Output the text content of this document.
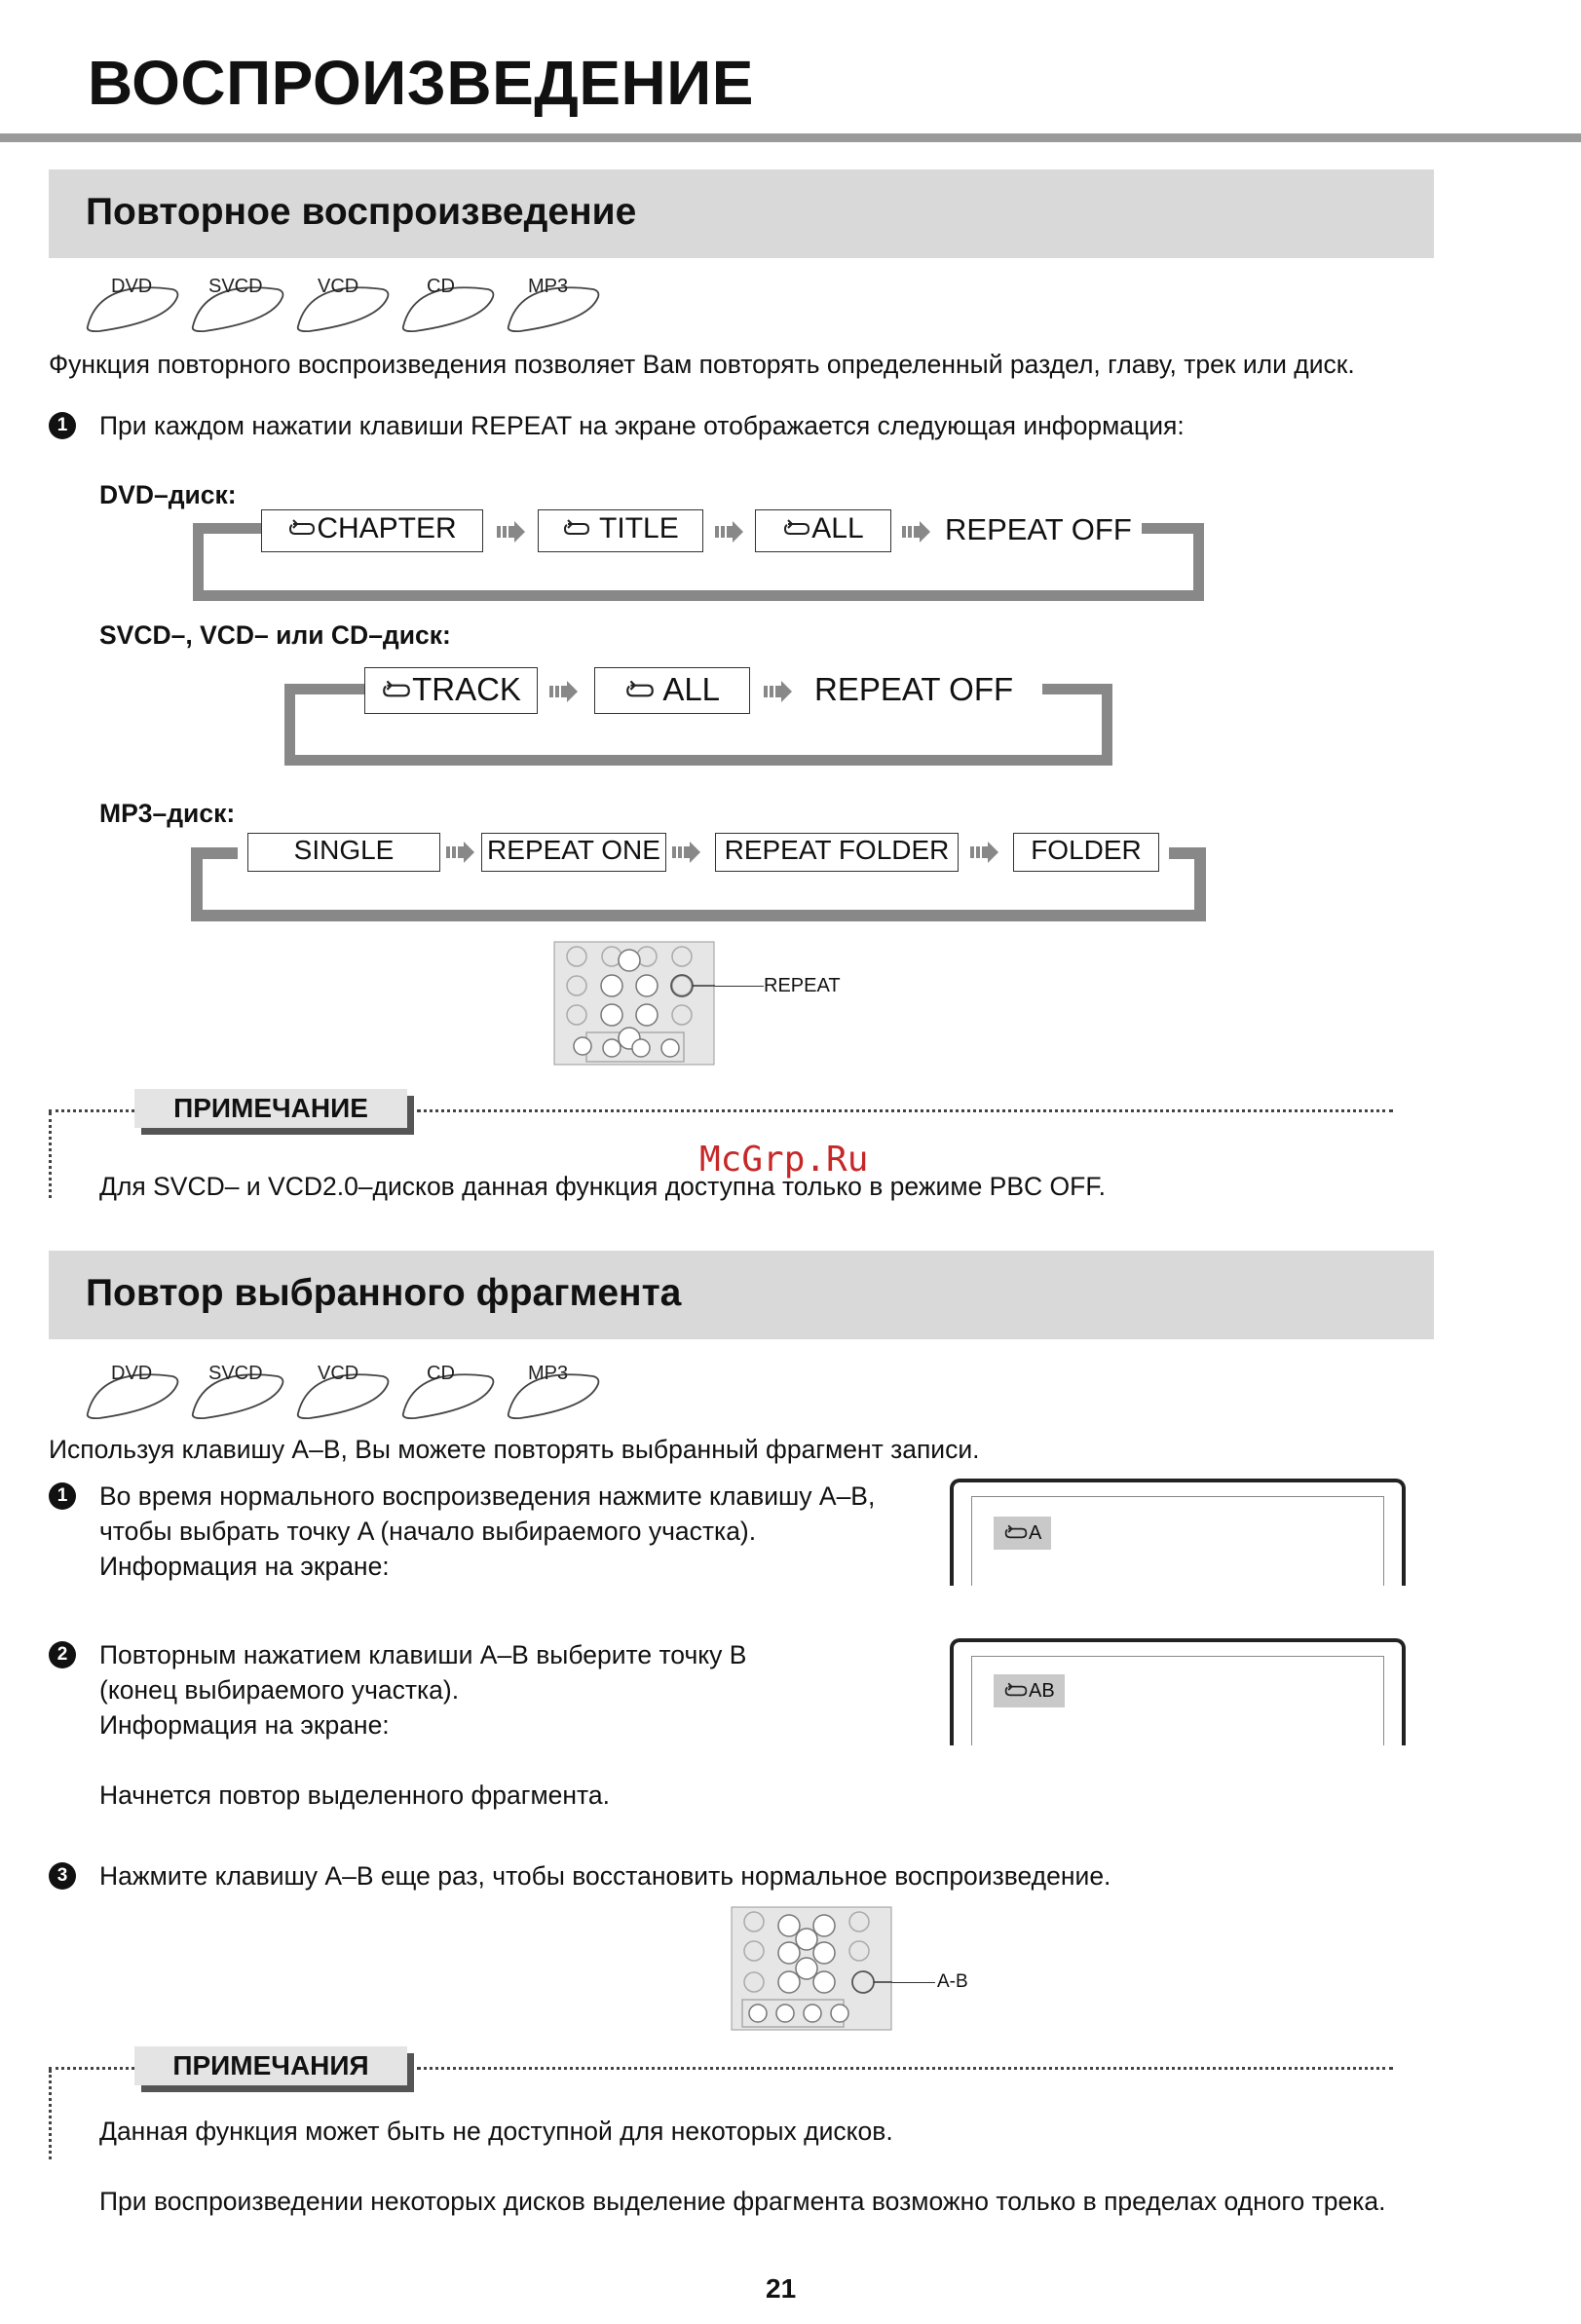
ВОСПРОИЗВЕДЕНИЕ
Повторное воспроизведение
DVD	SVCD	VCD	CD	MP3
Функция повторного воспроизведения позволяет Вам повторять определенный раздел, главу, трек или диск.
1	При каждом нажатии клавиши REPEAT на экране отображается следующая информация:
DVD–диск:
CHAPTER	TITLE	ALL	REPEAT OFF
SVCD–, VCD– или CD–диск:
TRACK	ALL	REPEAT OFF
MP3–диск:
SINGLE	REPEAT ONE	REPEAT FOLDER	FOLDER
REPEAT
ПРИМЕЧАНИЕ
McGrp.Ru
Для SVCD– и VCD2.0–дисков данная функция доступна только в режиме PBC OFF.
Повтор выбранного фрагмента
DVD	SVCD	VCD	CD	MP3
Используя клавишу A–B, Вы можете повторять выбранный фрагмент записи.
1	Во время нормального воспроизведения нажмите клавишу A–B,
чтобы выбрать точку A (начало выбираемого участка).
Информация на экране:
A
2	Повторным нажатием клавиши A–B выберите точку B
(конец выбираемого участка).
Информация на экране:
Начнется повтор выделенного фрагмента.
AB
3	Нажмите клавишу A–B еще раз, чтобы восстановить нормальное воспроизведение.
A-B
ПРИМЕЧАНИЯ
Данная функция может быть не доступной для некоторых дисков.
При воспроизведении некоторых дисков выделение фрагмента возможно только в пределах одного трека.
21
